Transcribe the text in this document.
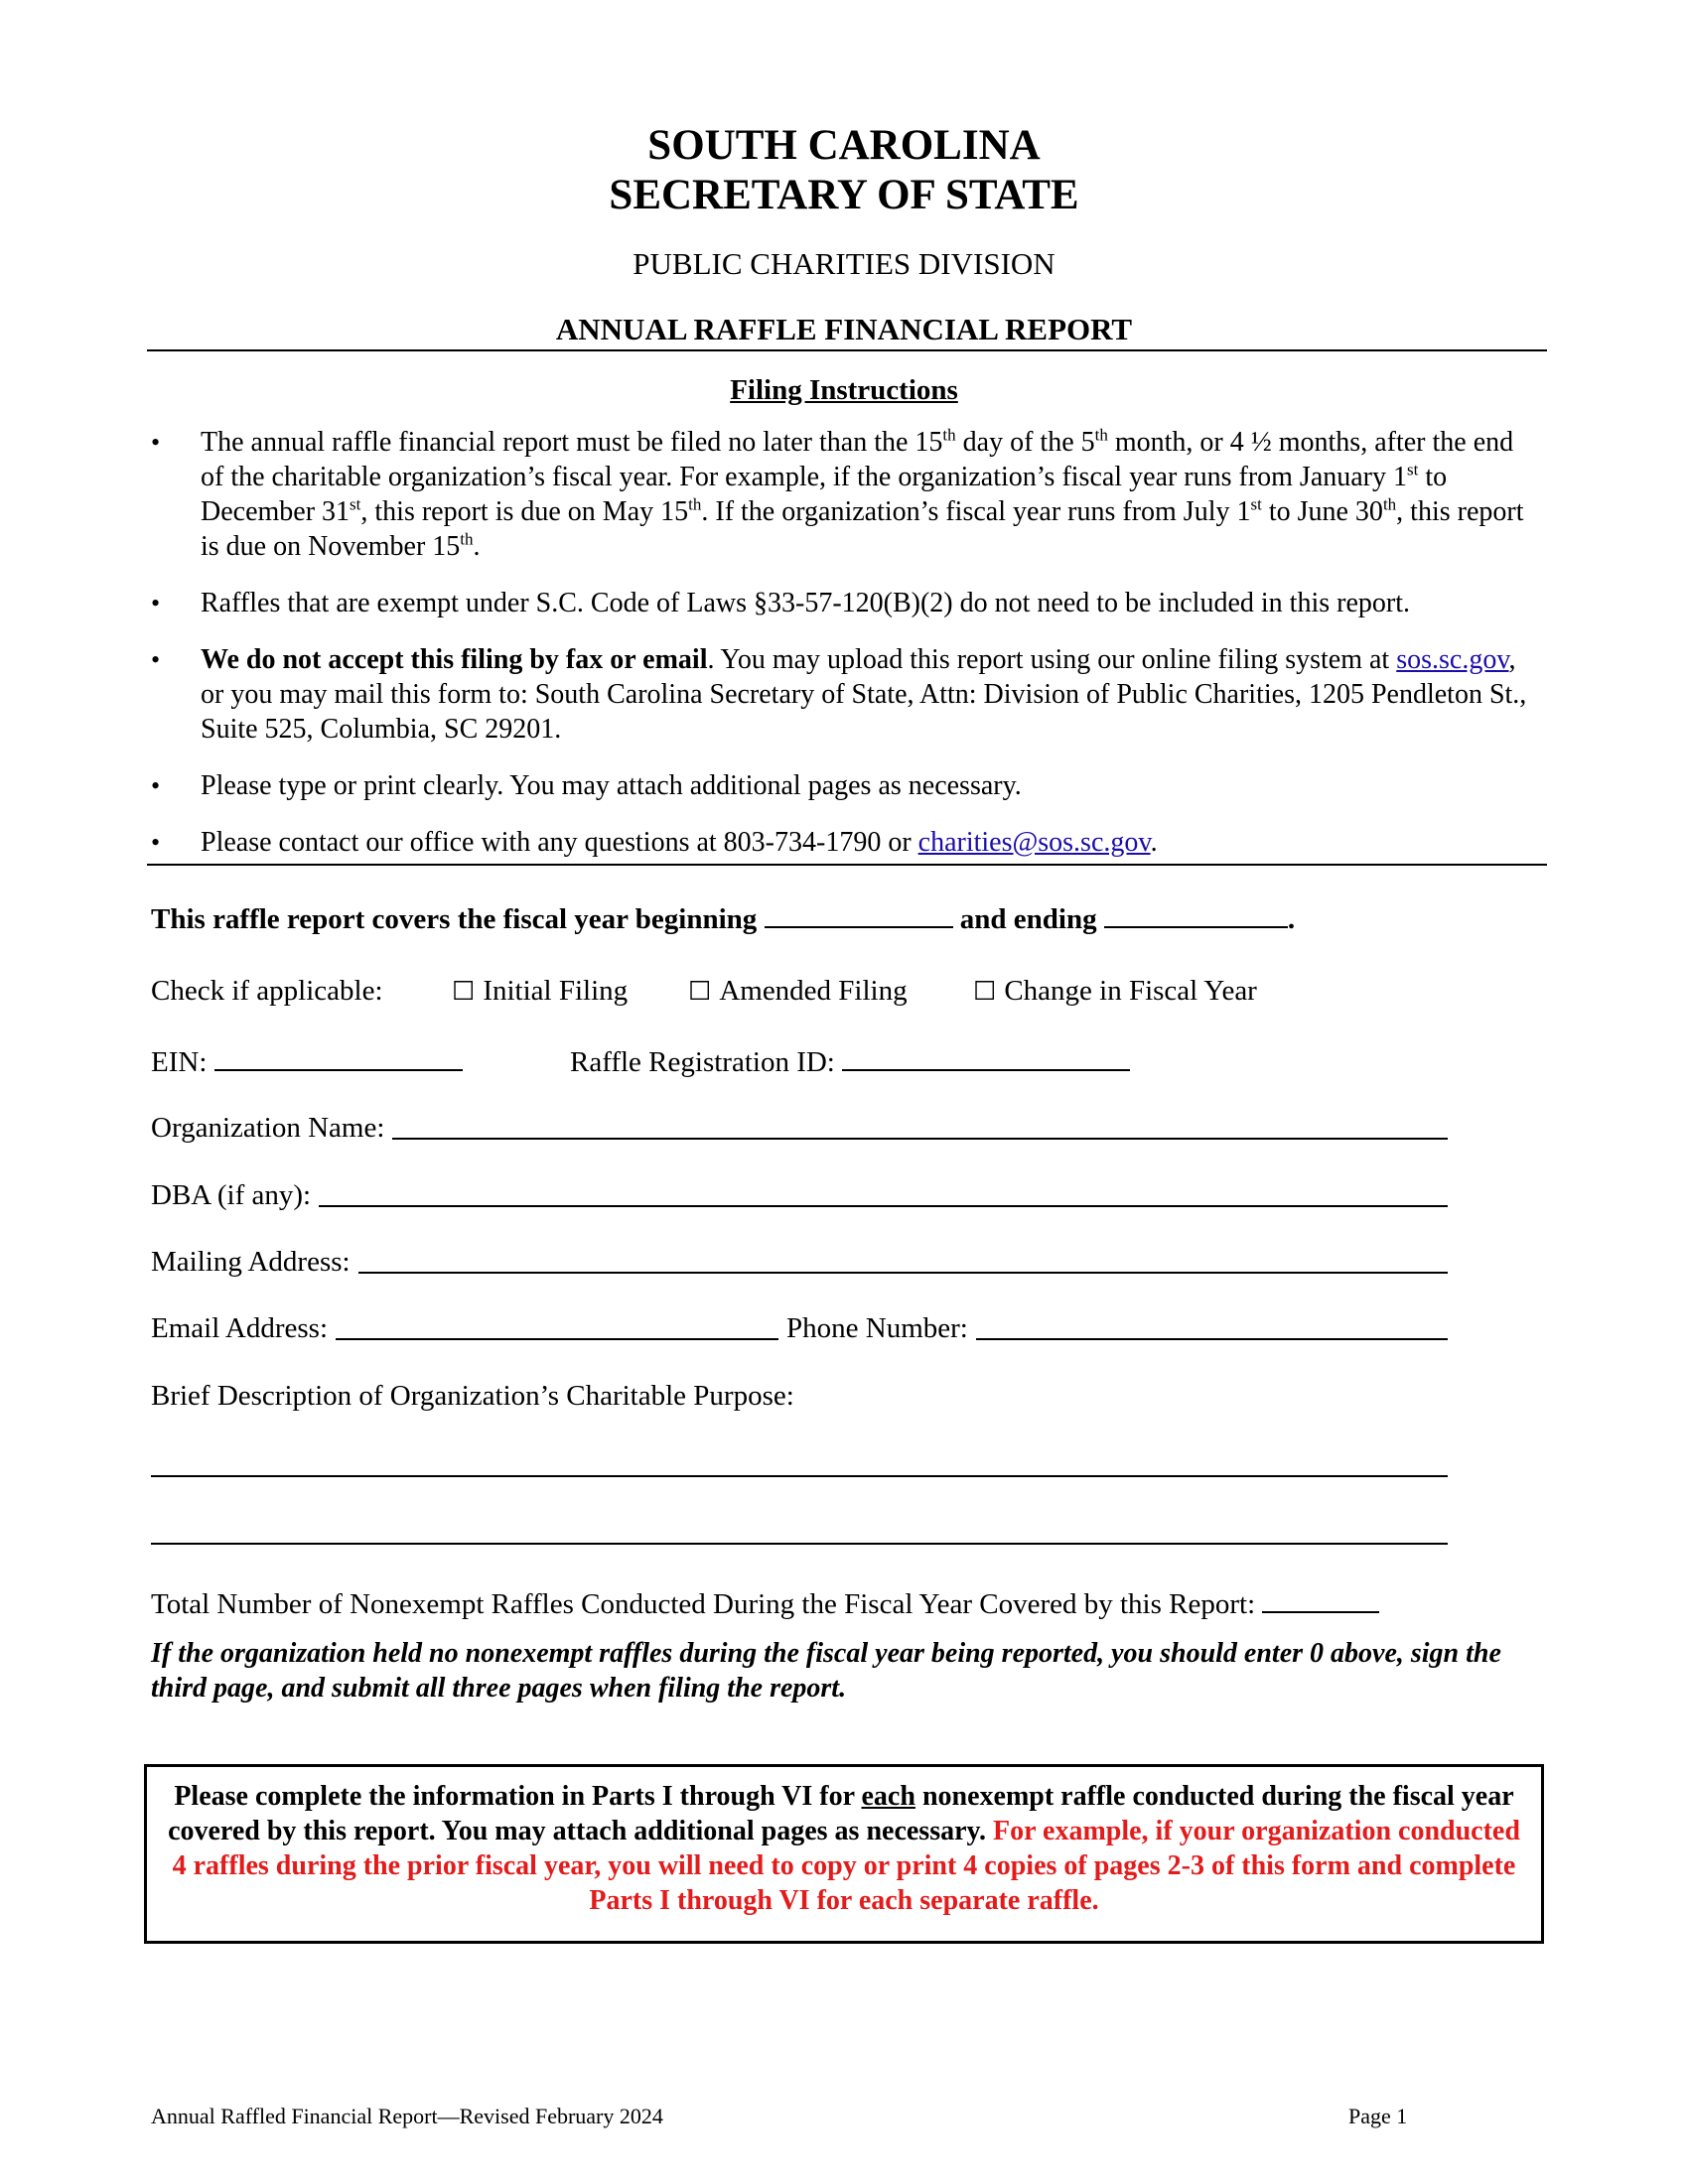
SOUTH CAROLINA
SECRETARY OF STATE
PUBLIC CHARITIES DIVISION
ANNUAL RAFFLE FINANCIAL REPORT
Filing Instructions
• The annual raffle financial report must be filed no later than the 15th day of the 5th month, or 4 ½ months, after the end of the charitable organization’s fiscal year. For example, if the organization’s fiscal year runs from January 1st to December 31st, this report is due on May 15th. If the organization’s fiscal year runs from July 1st to June 30th, this report is due on November 15th.
• Raffles that are exempt under S.C. Code of Laws §33-57-120(B)(2) do not need to be included in this report.
• We do not accept this filing by fax or email. You may upload this report using our online filing system at sos.sc.gov, or you may mail this form to: South Carolina Secretary of State, Attn: Division of Public Charities, 1205 Pendleton St., Suite 525, Columbia, SC 29201.
• Please type or print clearly. You may attach additional pages as necessary.
• Please contact our office with any questions at 803-734-1790 or charities@sos.sc.gov.
This raffle report covers the fiscal year beginning	and ending	.
Check if applicable:	☐ Initial Filing ☐ Amended Filing	☐ Change in Fiscal Year
EIN:	Raffle Registration ID:
Organization Name:
DBA (if any):
Mailing Address:
Email Address:	Phone Number:
Brief Description of Organization’s Charitable Purpose:
Total Number of Nonexempt Raffles Conducted During the Fiscal Year Covered by this Report:
If the organization held no nonexempt raffles during the fiscal year being reported, you should enter 0 above, sign the third page, and submit all three pages when filing the report.

Please complete the information in Parts I through VI for each nonexempt raffle conducted during the fiscal year covered by this report. You may attach additional pages as necessary. For example, if your organization conducted 4 raffles during the prior fiscal year, you will need to copy or print 4 copies of pages 2-3 of this form and complete Parts I through VI for each separate raffle.

Annual Raffled Financial Report—Revised February 2024	Page 1
